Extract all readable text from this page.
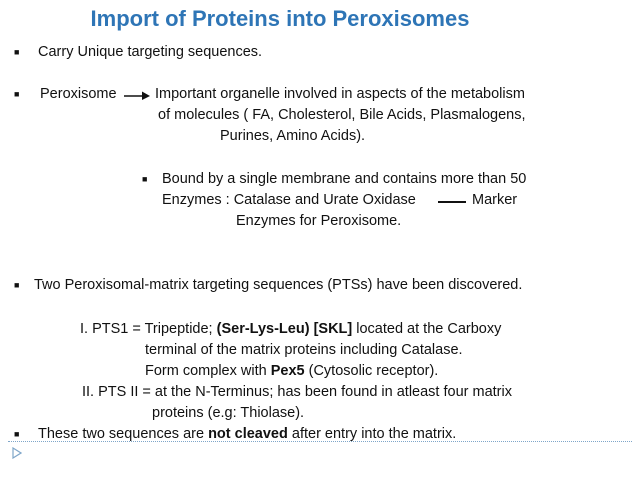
Import of Proteins into Peroxisomes
■ Carry Unique targeting sequences.
■ Peroxisome	Important organelle involved in aspects of the metabolism
of molecules ( FA, Cholesterol, Bile Acids, Plasmalogens,
Purines, Amino Acids).
■ Bound by a single membrane and contains more than 50
Enzymes : Catalase and Urate Oxidase	Marker
Enzymes for Peroxisome.
■ Two Peroxisomal-matrix targeting sequences (PTSs) have been discovered.
I. PTS1 = Tripeptide; (Ser-Lys-Leu) [SKL] located at the Carboxy
terminal of the matrix proteins including Catalase.
Form complex with Pex5 (Cytosolic receptor).
II. PTS II = at the N-Terminus; has been found in atleast four matrix
proteins (e.g: Thiolase).
■ These two sequences are not cleaved after entry into the matrix.
